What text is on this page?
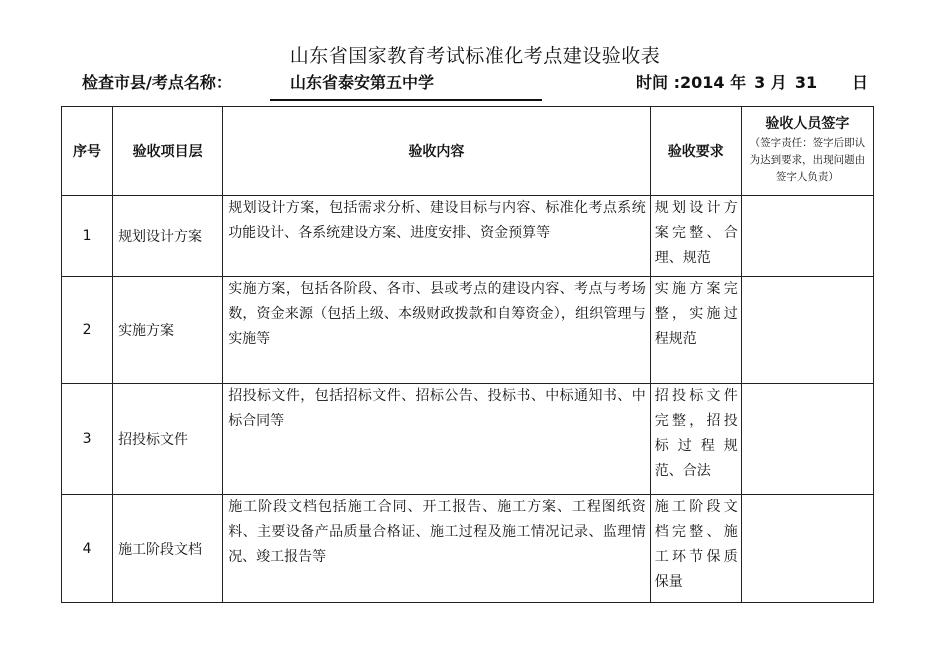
山东省国家教育考试标准化考点建设验收表
检查市县/考点名称：	山东省泰安第五中学	时间 :2014 年 3 月 31 日
序号	验收项目层	验收内容	验收要求	验收人员签字
（签字责任：签字后即认为达到要求，出现问题由签字人负责）

1	规划设计方案	规划设计方案，包括需求分析、建设目标与内容、标准化考点系统功能设计、各系统建设方案、进度安排、资金预算等	规划设计方案完整、合理、规范	
2	实施方案	实施方案，包括各阶段、各市、县或考点的建设内容、考点与考场数，资金来源（包括上级、本级财政拨款和自筹资金），组织管理与实施等	实施方案完整，实施过程规范	
3	招投标文件	招投标文件，包括招标文件、招标公告、投标书、中标通知书、中标合同等	招投标文件完整，招投标过程规范、合法	
4	施工阶段文档	施工阶段文档包括施工合同、开工报告、施工方案、工程图纸资料、主要设备产品质量合格证、施工过程及施工情况记录、监理情况、竣工报告等	施工阶段文档完整、施工环节保质保量	
